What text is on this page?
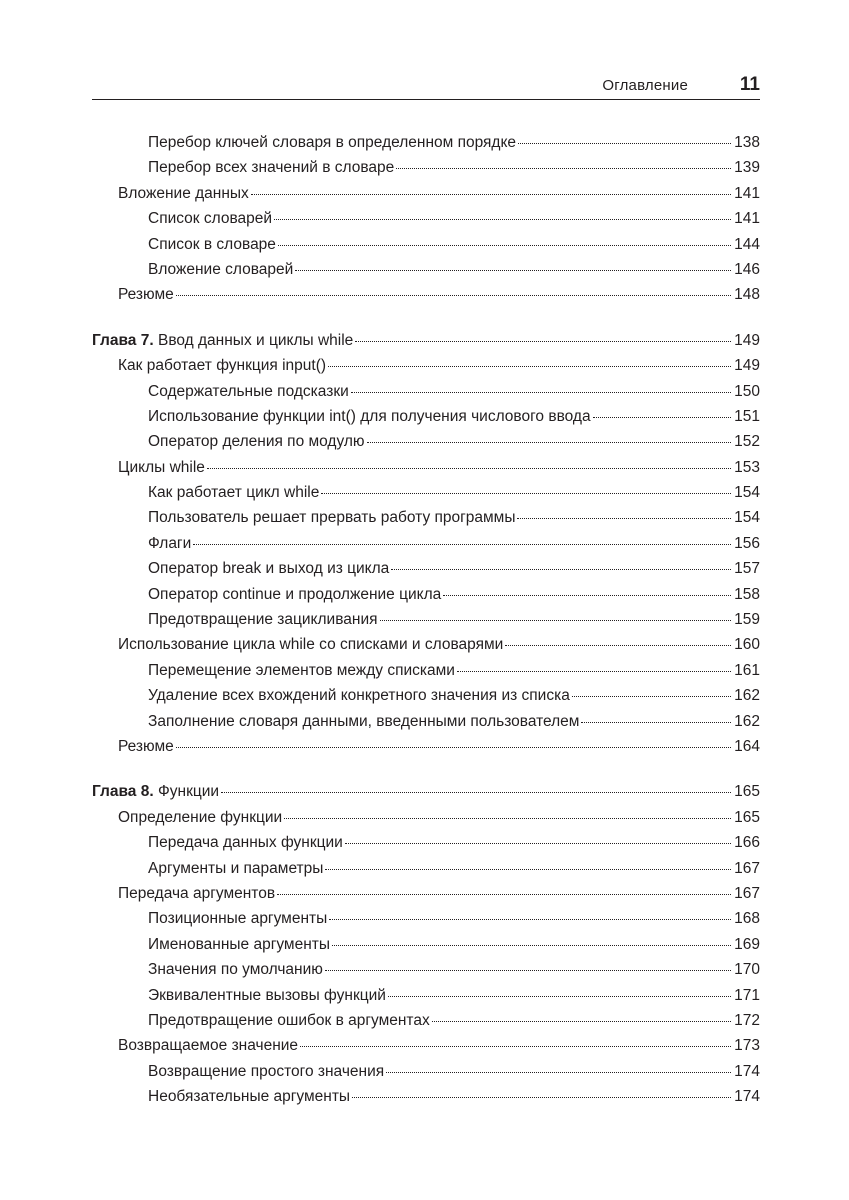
Оглавление	11
Перебор ключей словаря в определенном порядке	138
Перебор всех значений в словаре	139
Вложение данных	141
Список словарей	141
Список в словаре	144
Вложение словарей	146
Резюме	148
Глава 7. Ввод данных и циклы while	149
Как работает функция input()	149
Содержательные подсказки	150
Использование функции int() для получения числового ввода	151
Оператор деления по модулю	152
Циклы while	153
Как работает цикл while	154
Пользователь решает прервать работу программы	154
Флаги	156
Оператор break и выход из цикла	157
Оператор continue и продолжение цикла	158
Предотвращение зацикливания	159
Использование цикла while со списками и словарями	160
Перемещение элементов между списками	161
Удаление всех вхождений конкретного значения из списка	162
Заполнение словаря данными, введенными пользователем	162
Резюме	164
Глава 8. Функции	165
Определение функции	165
Передача данных функции	166
Аргументы и параметры	167
Передача аргументов	167
Позиционные аргументы	168
Именованные аргументы	169
Значения по умолчанию	170
Эквивалентные вызовы функций	171
Предотвращение ошибок в аргументах	172
Возвращаемое значение	173
Возвращение простого значения	174
Необязательные аргументы	174
